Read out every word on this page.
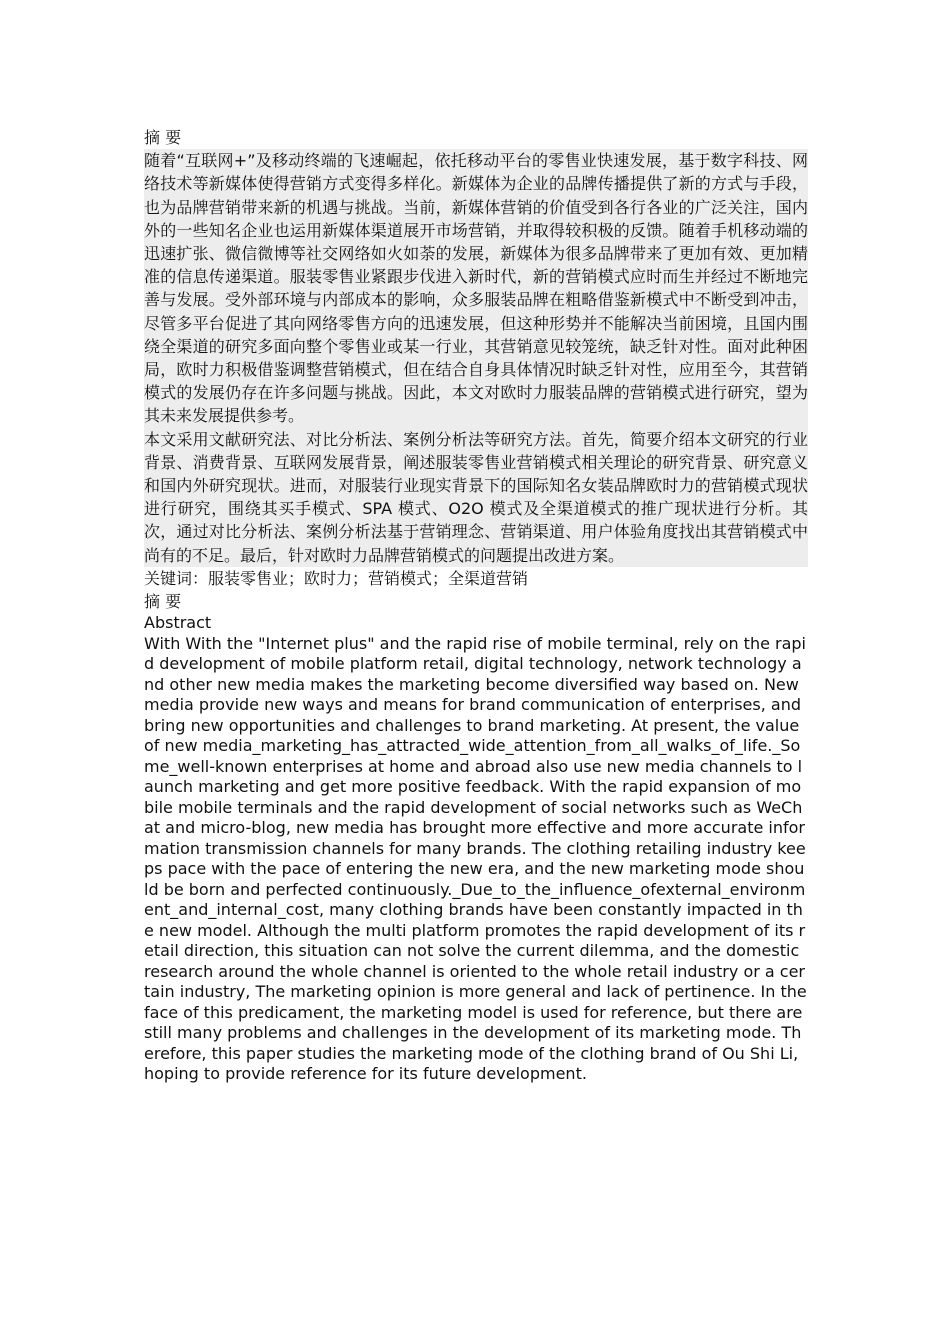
摘 要

随着“互联网+”及移动终端的飞速崛起，依托移动平台的零售业快速发展，基于数字科技、网络技术等新媒体使得营销方式变得多样化。新媒体为企业的品牌传播提供了新的方式与手段，也为品牌营销带来新的机遇与挑战。当前，新媒体营销的价值受到各行各业的广泛关注，国内外的一些知名企业也运用新媒体渠道展开市场营销，并取得较积极的反馈。随着手机移动端的迅速扩张、微信微博等社交网络如火如荼的发展，新媒体为很多品牌带来了更加有效、更加精准的信息传递渠道。服装零售业紧跟步伐进入新时代，新的营销模式应时而生并经过不断地完善与发展。受外部环境与内部成本的影响，众多服装品牌在粗略借鉴新模式中不断受到冲击，尽管多平台促进了其向网络零售方向的迅速发展，但这种形势并不能解决当前困境，且国内围绕全渠道的研究多面向整个零售业或某一行业，其营销意见较笼统，缺乏针对性。面对此种困局，欧时力积极借鉴调整营销模式，但在结合自身具体情况时缺乏针对性，应用至今，其营销模式的发展仍存在许多问题与挑战。因此，本文对欧时力服装品牌的营销模式进行研究，望为其未来发展提供参考。

本文采用文献研究法、对比分析法、案例分析法等研究方法。首先，简要介绍本文研究的行业背景、消费背景、互联网发展背景，阐述服装零售业营销模式相关理论的研究背景、研究意义和国内外研究现状。进而，对服装行业现实背景下的国际知名女装品牌欧时力的营销模式现状进行研究，围绕其买手模式、SPA 模式、O2O 模式及全渠道模式的推广现状进行分析。其次，通过对比分析法、案例分析法基于营销理念、营销渠道、用户体验角度找出其营销模式中尚有的不足。最后，针对欧时力品牌营销模式的问题提出改进方案。

关键词：服装零售业；欧时力；营销模式；全渠道营销

摘 要

Abstract

With With the "Internet plus" and the rapid rise of mobile terminal, rely on the rapid development of mobile platform retail, digital technology, network technology and other new media makes the marketing become diversified way based on. New media provide new ways and means for brand communication of enterprises, and bring new opportunities and challenges to brand marketing. At present, the value of new media_marketing_has_attracted_wide_attention_from_all_walks_of_life._Some_well-known enterprises at home and abroad also use new media channels to launch marketing and get more positive feedback. With the rapid expansion of mobile mobile terminals and the rapid development of social networks such as WeChat and micro-blog, new media has brought more effective and more accurate information transmission channels for many brands. The clothing retailing industry keeps pace with the pace of entering the new era, and the new marketing mode should be born and perfected continuously._Due_to_the_influence_ofexternal_environment_and_internal_cost, many clothing brands have been constantly impacted in the new model. Although the multi platform promotes the rapid development of its retail direction, this situation can not solve the current dilemma, and the domestic research around the whole channel is oriented to the whole retail industry or a certain industry, The marketing opinion is more general and lack of pertinence. In the face of this predicament, the marketing model is used for reference, but there are still many problems and challenges in the development of its marketing mode. Therefore, this paper studies the marketing mode of the clothing brand of Ou Shi Li, hoping to provide reference for its future development.
